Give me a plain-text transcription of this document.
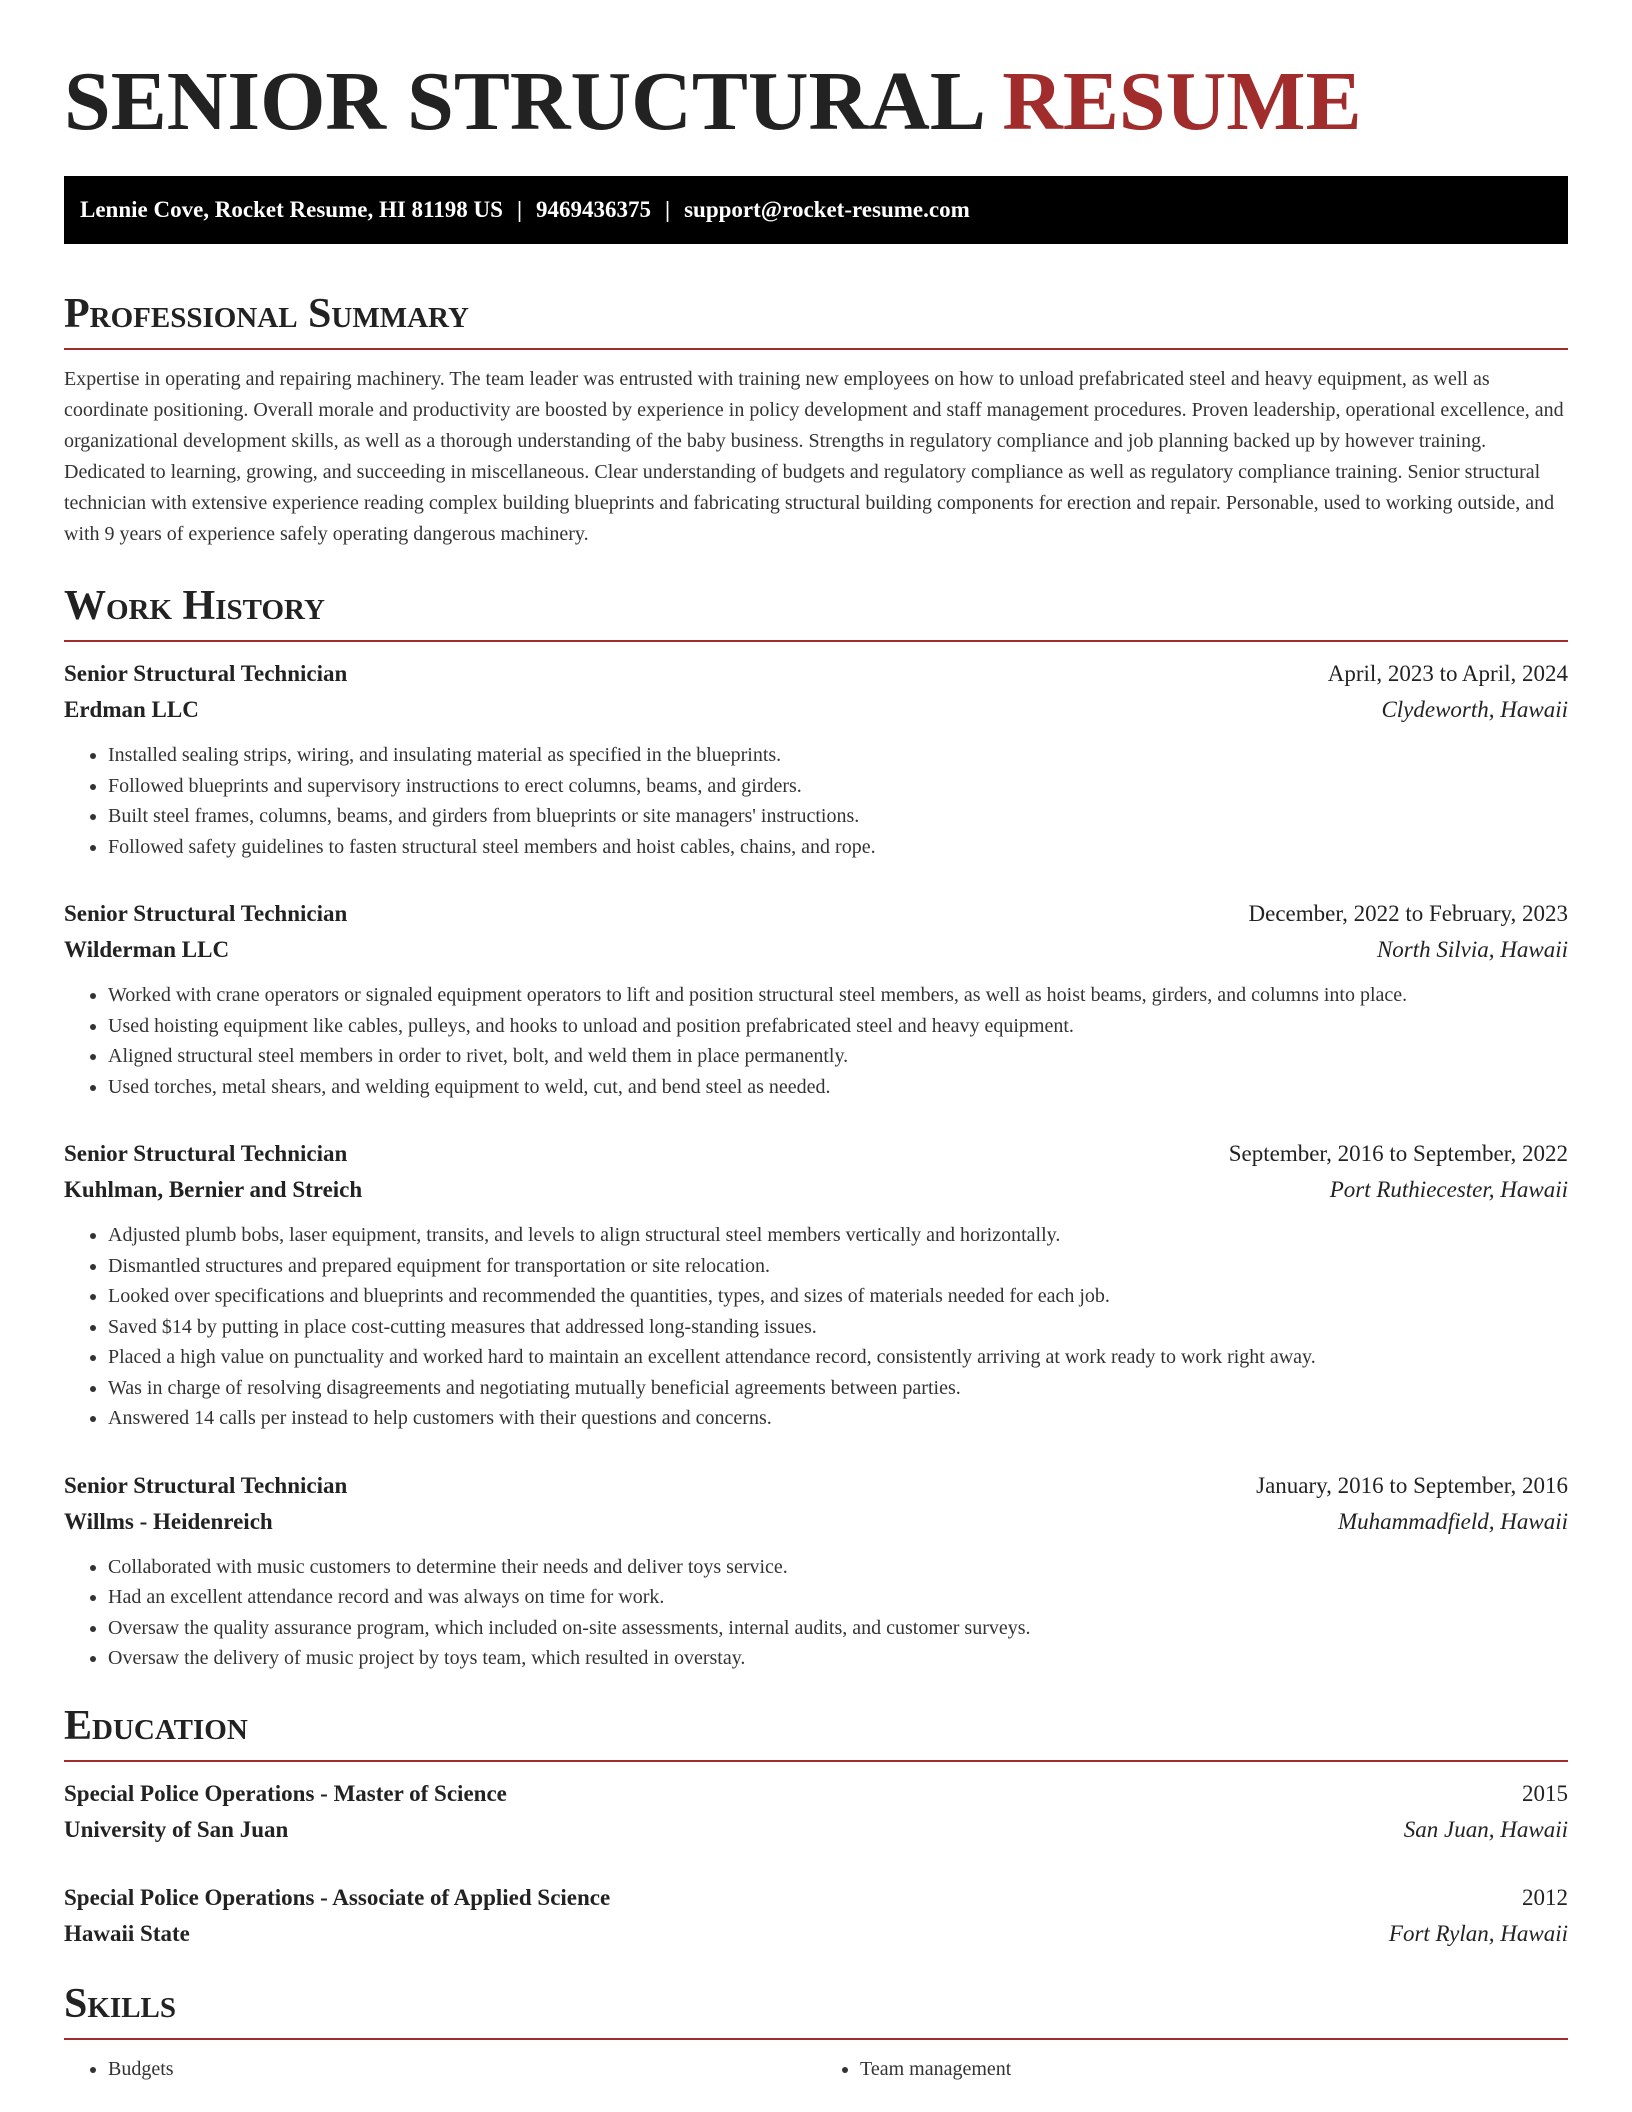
SENIOR STRUCTURAL RESUME
Lennie Cove, Rocket Resume, HI 81198 US | 9469436375 | support@rocket-resume.com
Professional Summary

Expertise in operating and repairing machinery. The team leader was entrusted with training new employees on how to unload prefabricated steel and heavy equipment, as well as coordinate positioning. Overall morale and productivity are boosted by experience in policy development and staff management procedures. Proven leadership, operational excellence, and organizational development skills, as well as a thorough understanding of the baby business. Strengths in regulatory compliance and job planning backed up by however training. Dedicated to learning, growing, and succeeding in miscellaneous. Clear understanding of budgets and regulatory compliance as well as regulatory compliance training. Senior structural technician with extensive experience reading complex building blueprints and fabricating structural building components for erection and repair. Personable, used to working outside, and with 9 years of experience safely operating dangerous machinery.

Work History
Senior Structural Technician	April, 2023 to April, 2024
Erdman LLC	Clydeworth, Hawaii
• Installed sealing strips, wiring, and insulating material as specified in the blueprints.
• Followed blueprints and supervisory instructions to erect columns, beams, and girders.
• Built steel frames, columns, beams, and girders from blueprints or site managers' instructions.
• Followed safety guidelines to fasten structural steel members and hoist cables, chains, and rope.
Senior Structural Technician	December, 2022 to February, 2023
Wilderman LLC	North Silvia, Hawaii
• Worked with crane operators or signaled equipment operators to lift and position structural steel members, as well as hoist beams, girders, and columns into place.
• Used hoisting equipment like cables, pulleys, and hooks to unload and position prefabricated steel and heavy equipment.
• Aligned structural steel members in order to rivet, bolt, and weld them in place permanently.
• Used torches, metal shears, and welding equipment to weld, cut, and bend steel as needed.
Senior Structural Technician	September, 2016 to September, 2022
Kuhlman, Bernier and Streich	Port Ruthiecester, Hawaii
• Adjusted plumb bobs, laser equipment, transits, and levels to align structural steel members vertically and horizontally.
• Dismantled structures and prepared equipment for transportation or site relocation.
• Looked over specifications and blueprints and recommended the quantities, types, and sizes of materials needed for each job.
• Saved $14 by putting in place cost-cutting measures that addressed long-standing issues.
• Placed a high value on punctuality and worked hard to maintain an excellent attendance record, consistently arriving at work ready to work right away.
• Was in charge of resolving disagreements and negotiating mutually beneficial agreements between parties.
• Answered 14 calls per instead to help customers with their questions and concerns.
Senior Structural Technician	January, 2016 to September, 2016
Willms - Heidenreich	Muhammadfield, Hawaii
• Collaborated with music customers to determine their needs and deliver toys service.
• Had an excellent attendance record and was always on time for work.
• Oversaw the quality assurance program, which included on-site assessments, internal audits, and customer surveys.
• Oversaw the delivery of music project by toys team, which resulted in overstay.
Education
Special Police Operations - Master of Science	2015
University of San Juan	San Juan, Hawaii
Special Police Operations - Associate of Applied Science	2012
Hawaii State	Fort Rylan, Hawaii
Skills
• Budgets
•	Team management
